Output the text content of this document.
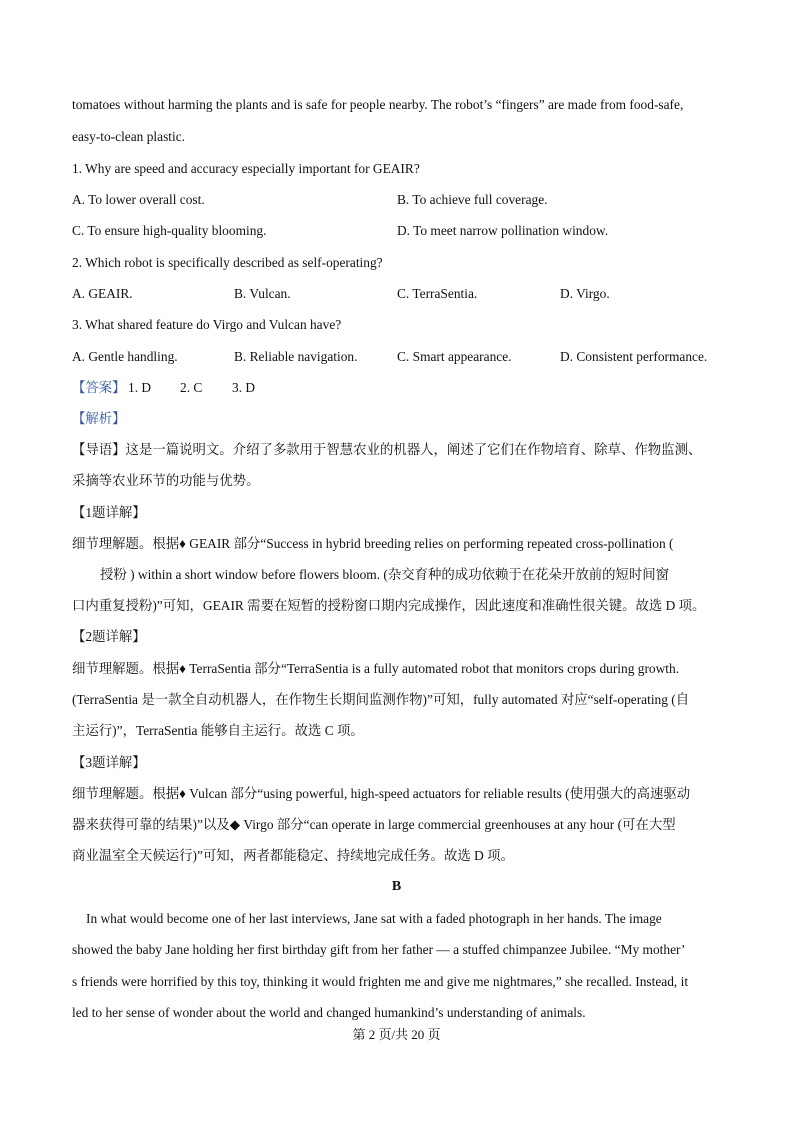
tomatoes without harming the plants and is safe for people nearby. The robot’s “fingers” are made from food-safe,
easy-to-clean plastic.
1. Why are speed and accuracy especially important for GEAIR?
A. To lower overall cost.	B. To achieve full coverage.
C. To ensure high-quality blooming.	D. To meet narrow pollination window.
2. Which robot is specifically described as self-operating?
A. GEAIR.	B. Vulcan.	C. TerraSentia.	D. Virgo.
3. What shared feature do Virgo and Vulcan have?
A. Gentle handling.	B. Reliable navigation.	C. Smart appearance.	D. Consistent performance.
【答案】 1. D 2. C 3. D
【解析】
【导语】这是一篇说明文。介绍了多款用于智慧农业的机器人，阐述了它们在作物培育、除草、作物监测、
采摘等农业环节的功能与优势。
【1题详解】
细节理解题。根据♦ GEAIR 部分“Success in hybrid breeding relies on performing repeated cross-pollination (
授粉 ) within a short window before flowers bloom. (杂交育种的成功依赖于在花朵开放前的短时间窗
口内重复授粉)”可知，GEAIR 需要在短暂的授粉窗口期内完成操作，因此速度和准确性很关键。故选 D 项。
【2题详解】
细节理解题。根据♦ TerraSentia 部分“TerraSentia is a fully automated robot that monitors crops during growth.
(TerraSentia 是一款全自动机器人，在作物生长期间监测作物)”可知，fully automated 对应“self-operating (自
主运行)”，TerraSentia 能够自主运行。故选 C 项。
【3题详解】
细节理解题。根据♦ Vulcan 部分“using powerful, high-speed actuators for reliable results (使用强大的高速驱动
器来获得可靠的结果)”以及◆ Virgo 部分“can operate in large commercial greenhouses at any hour (可在大型
商业温室全天候运行)”可知，两者都能稳定、持续地完成任务。故选 D 项。
B
In what would become one of her last interviews, Jane sat with a faded photograph in her hands. The image
showed the baby Jane holding her first birthday gift from her father — a stuffed chimpanzee Jubilee. “My mother’
s friends were horrified by this toy, thinking it would frighten me and give me nightmares,” she recalled. Instead, it
led to her sense of wonder about the world and changed humankind’s understanding of animals.
第 2 页/共 20 页
